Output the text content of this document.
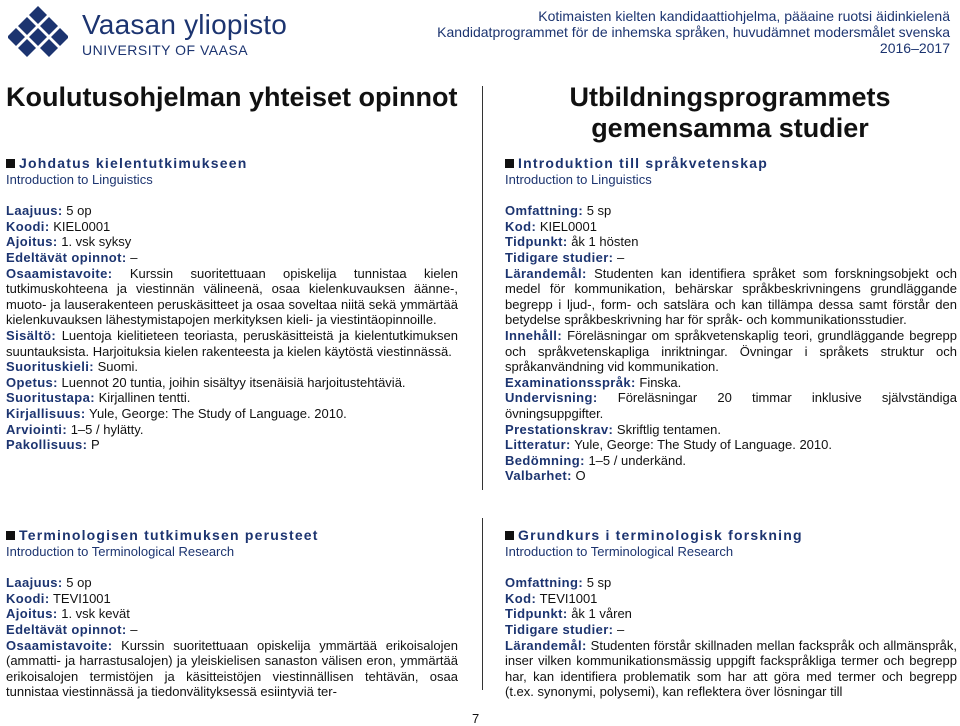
Vaasan yliopisto
UNIVERSITY OF VAASA
Kotimaisten kielten kandidaattiohjelma, pääaine ruotsi äidinkielenä
Kandidatprogrammet för de inhemska språken, huvudämnet modersmålet svenska
2016–2017
Koulutusohjelman yhteiset opinnot	Utbildningsprogrammets gemensamma studier
Johdatus kielentutkimukseen
Introduction to Linguistics
Laajuus: 5 op
Koodi: KIEL0001
Ajoitus: 1. vsk syksy
Edeltävät opinnot: –
Osaamistavoite: Kurssin suoritettuaan opiskelija tunnistaa kielen tutkimuskohteena ja viestinnän välineenä, osaa kielenkuvauksen äänne-, muoto- ja lauserakenteen peruskäsitteet ja osaa soveltaa niitä sekä ymmärtää kielenkuvauksen lähestymistapojen merkityksen kieli- ja viestintäopinnoille.
Sisältö: Luentoja kielitieteen teoriasta, peruskäsitteistä ja kielentutkimuksen suuntauksista. Harjoituksia kielen rakenteesta ja kielen käytöstä viestinnässä.
Suorituskieli: Suomi.
Opetus: Luennot 20 tuntia, joihin sisältyy itsenäisiä harjoitustehtäviä.
Suoritustapa: Kirjallinen tentti.
Kirjallisuus: Yule, George: The Study of Language. 2010.
Arviointi: 1–5 / hylätty.
Pakollisuus: P
Introduktion till språkvetenskap
Introduction to Linguistics
Omfattning: 5 sp
Kod: KIEL0001
Tidpunkt: åk 1 hösten
Tidigare studier: –
Lärandemål: Studenten kan identifiera språket som forskningsobjekt och medel för kommunikation, behärskar språkbeskrivningens grundläggande begrepp i ljud-, form- och satslära och kan tillämpa dessa samt förstår den betydelse språkbeskrivning har för språk- och kommunikationsstudier.
Innehåll: Föreläsningar om språkvetenskaplig teori, grundläggande begrepp och språkvetenskapliga inriktningar. Övningar i språkets struktur och språkanvändning vid kommunikation.
Examinationsspråk: Finska.
Undervisning: Föreläsningar 20 timmar inklusive självständiga övningsuppgifter.
Prestationskrav: Skriftlig tentamen.
Litteratur: Yule, George: The Study of Language. 2010.
Bedömning: 1–5 / underkänd.
Valbarhet: O
Terminologisen tutkimuksen perusteet
Introduction to Terminological Research
Laajuus: 5 op
Koodi: TEVI1001
Ajoitus: 1. vsk kevät
Edeltävät opinnot: –
Osaamistavoite: Kurssin suoritettuaan opiskelija ymmärtää erikoisalojen (ammatti- ja harrastusalojen) ja yleiskielisen sanaston välisen eron, ymmärtää erikoisalojen termistöjen ja käsitteistöjen viestinnällisen tehtävän, osaa tunnistaa viestinnässä ja tiedonvälityksessä esiintyviä ter-
Grundkurs i terminologisk forskning
Introduction to Terminological Research
Omfattning: 5 sp
Kod: TEVI1001
Tidpunkt: åk 1 våren
Tidigare studier: –
Lärandemål: Studenten förstår skillnaden mellan fackspråk och allmänspråk, inser vilken kommunikationsmässig uppgift fackspråkliga termer och begrepp har, kan identifiera problematik som har att göra med termer och begrepp (t.ex. synonymi, polysemi), kan reflektera över lösningar till
7
